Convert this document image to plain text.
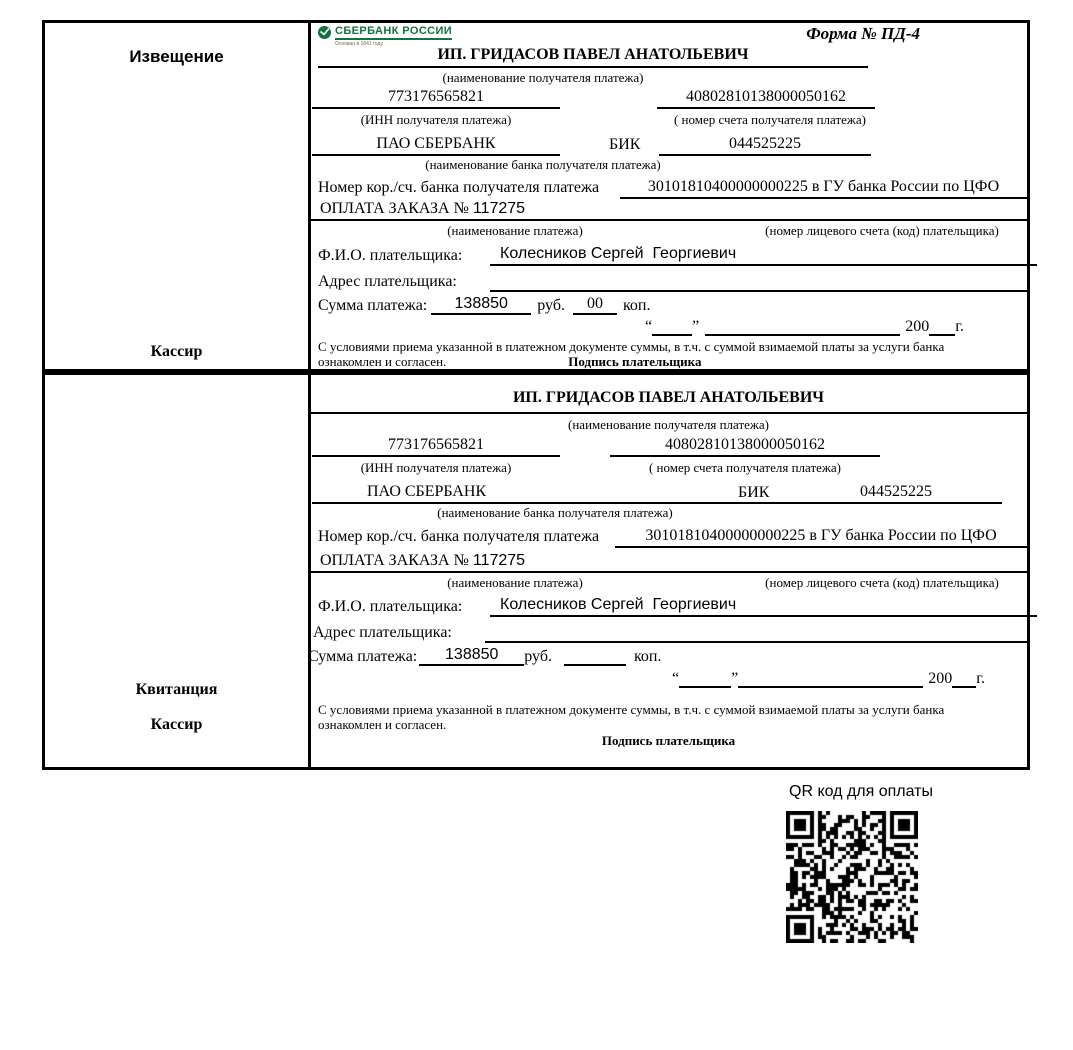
Извещение
Кассир
СБЕРБАНК РОССИИ
Основан в 1841 году
Форма № ПД-4
ИП. ГРИДАСОВ ПАВЕЛ АНАТОЛЬЕВИЧ
(наименование получателя платежа)
773176565821	40802810138000050162
(ИНН получателя платежа)	( номер счета получателя платежа)
ПАО СБЕРБАНК	БИК	044525225
(наименование банка получателя платежа)
Номер кор./сч. банка получателя платежа	30101810400000000225 в ГУ банка России по ЦФО
ОПЛАТА ЗАКАЗА № 117275
(наименование платежа)	(номер лицевого счета (код) плательщика)
Ф.И.О. плательщика:	Колесников Сергей  Георгиевич
Адрес плательщика:
Сумма платежа:	138850	руб.	00	коп.
“	”	200 г.
С условиями приема указанной в платежном документе суммы, в т.ч. с суммой взимаемой платы за услуги банка
ознакомлен и согласен.	Подпись плательщика
Квитанция
Кассир
ИП. ГРИДАСОВ ПАВЕЛ АНАТОЛЬЕВИЧ
(наименование получателя платежа)
773176565821	40802810138000050162
(ИНН получателя платежа)	( номер счета получателя платежа)
ПАО СБЕРБАНК	БИК	044525225
(наименование банка получателя платежа)
Номер кор./сч. банка получателя платежа	30101810400000000225 в ГУ банка России по ЦФО
ОПЛАТА ЗАКАЗА № 117275
(наименование платежа)	(номер лицевого счета (код) плательщика)
Ф.И.О. плательщика:	Колесников Сергей  Георгиевич
Адрес плательщика:
Сумма платежа:	138850	руб.	коп.
“	”	200 г.
С условиями приема указанной в платежном документе суммы, в т.ч. с суммой взимаемой платы за услуги банка
ознакомлен и согласен.
Подпись плательщика
QR код для оплаты
